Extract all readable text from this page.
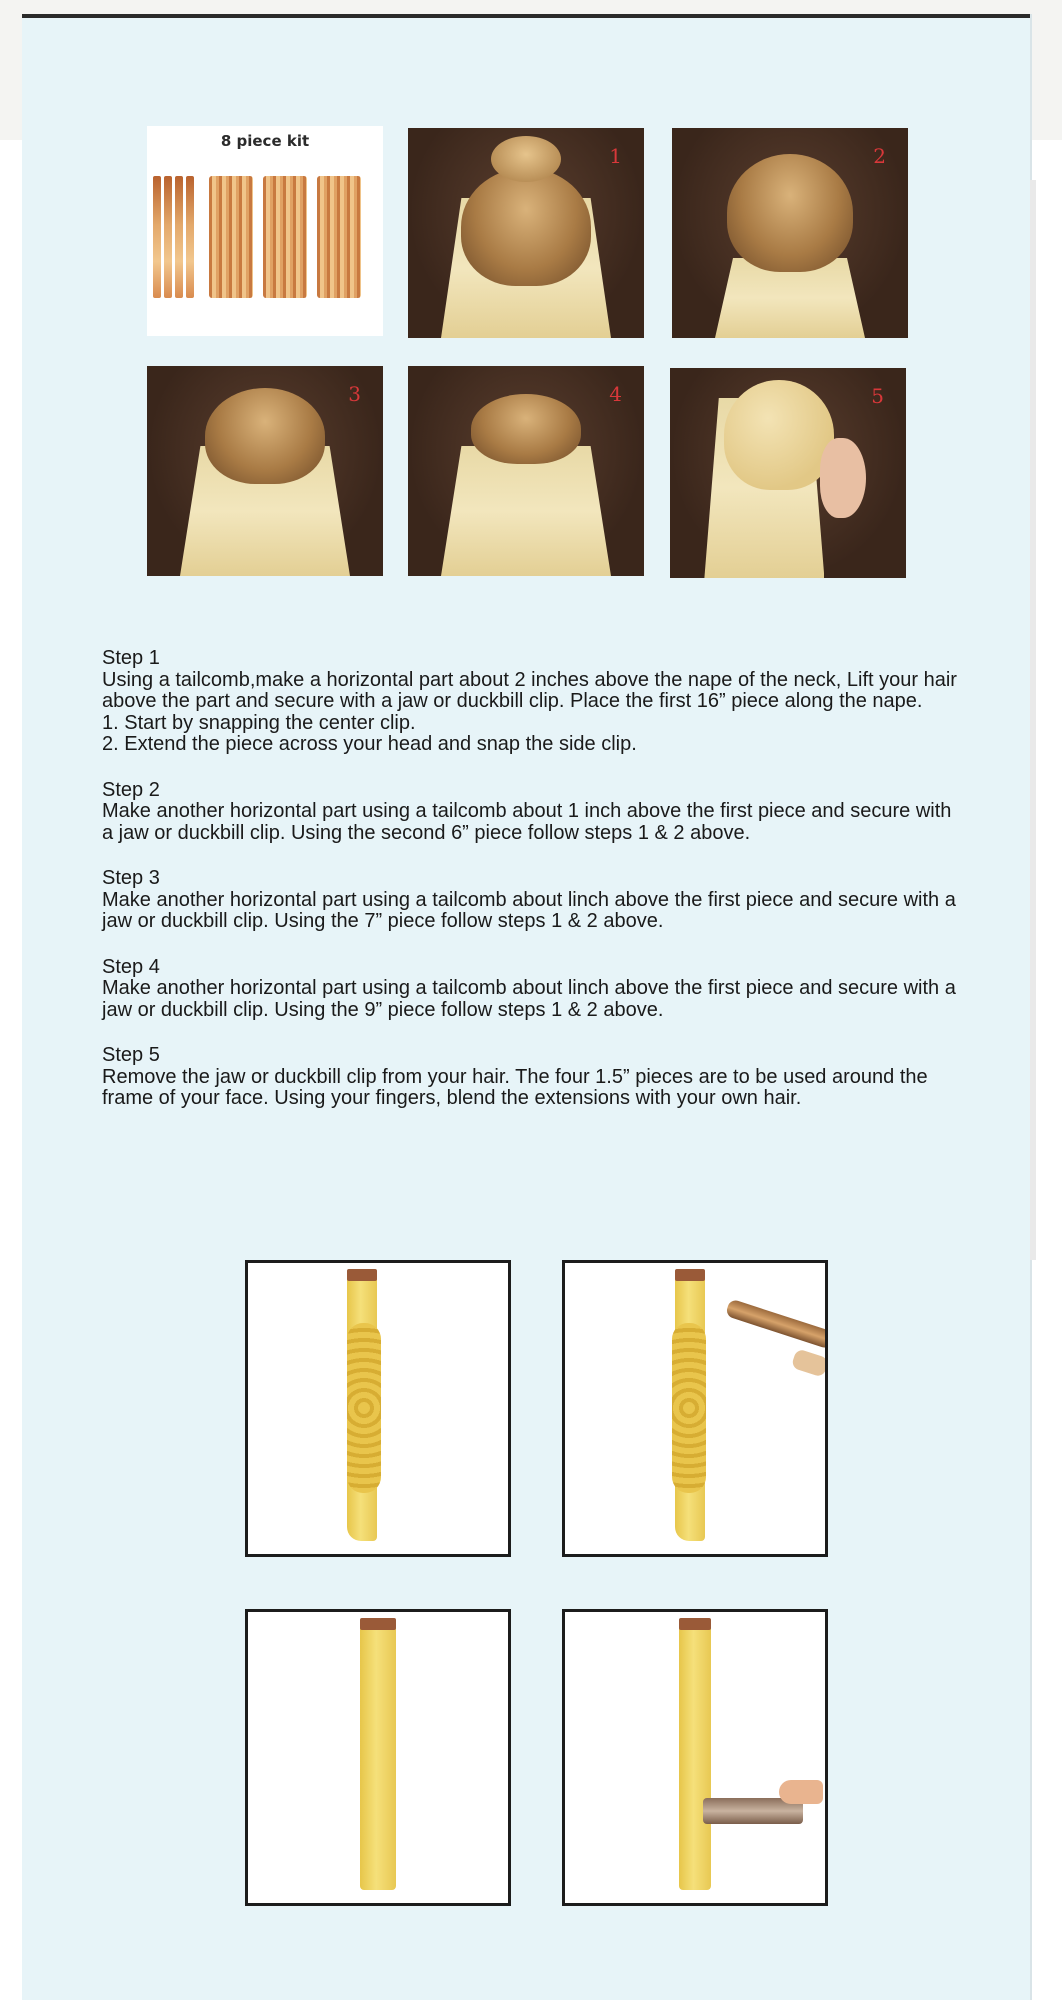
8 piece kit
1	2
3	4	5
Step 1
Using a tailcomb,make a horizontal part about 2 inches above the nape of the neck, Lift your hair above the part and secure with a jaw or duckbill clip. Place the first 16” piece along the nape.
1. Start by snapping the center clip.
2. Extend the piece across your head and snap the side clip.
Step 2
Make another horizontal part using a tailcomb about 1 inch above the first piece and secure with a jaw or duckbill clip. Using the second 6” piece follow steps 1 & 2 above.
Step 3
Make another horizontal part using a tailcomb about linch above the first piece and secure with a jaw or duckbill clip. Using the 7” piece follow steps 1 & 2 above.
Step 4
Make another horizontal part using a tailcomb about linch above the first piece and secure with a jaw or duckbill clip. Using the 9” piece follow steps 1 & 2 above.
Step 5
Remove the jaw or duckbill clip from your hair. The four 1.5” pieces are to be used around the frame of your face. Using your fingers, blend the extensions with your own hair.
